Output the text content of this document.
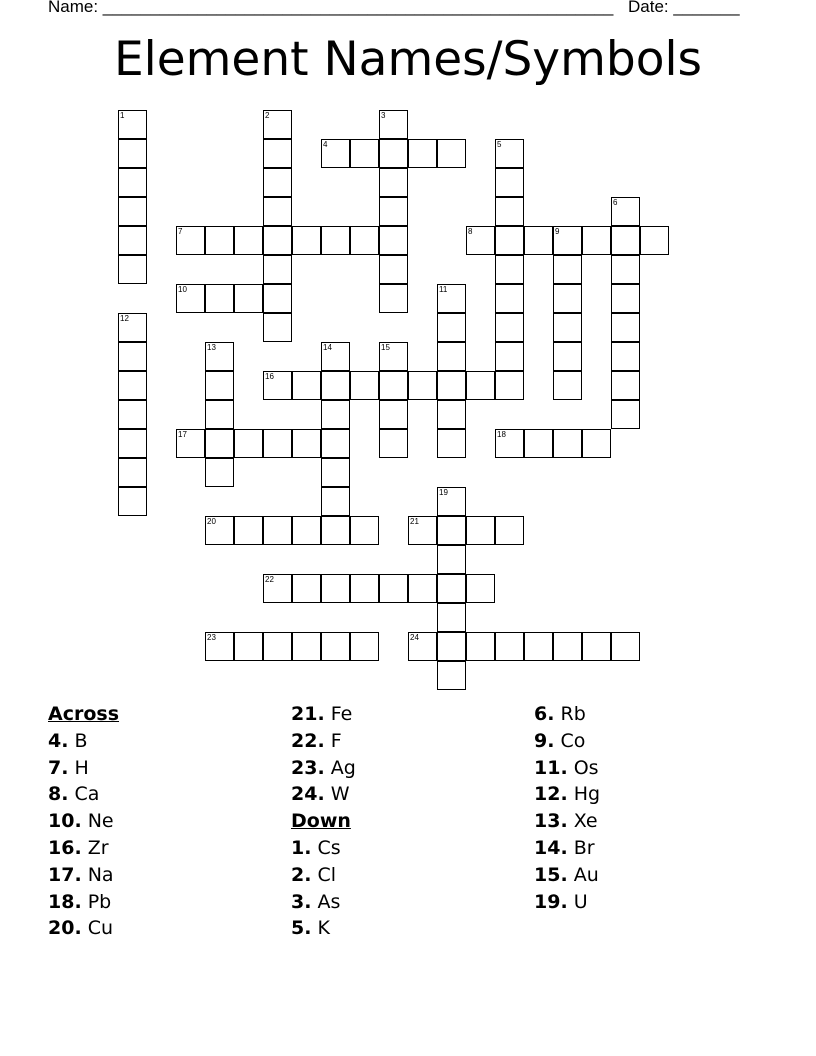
Name: ______________________________________________________ Date: _______
Element Names/Symbols
1	2	3
4	5
6
7	8	9
10	11
12
13	14	15
16
17	18
19
20	21
22
23	24
Across
4. B
7. H
8. Ca
10. Ne
16. Zr
17. Na
18. Pb
20. Cu
21. Fe
22. F
23. Ag
24. W
Down
1. Cs
2. Cl
3. As
5. K
6. Rb
9. Co
11. Os
12. Hg
13. Xe
14. Br
15. Au
19. U
